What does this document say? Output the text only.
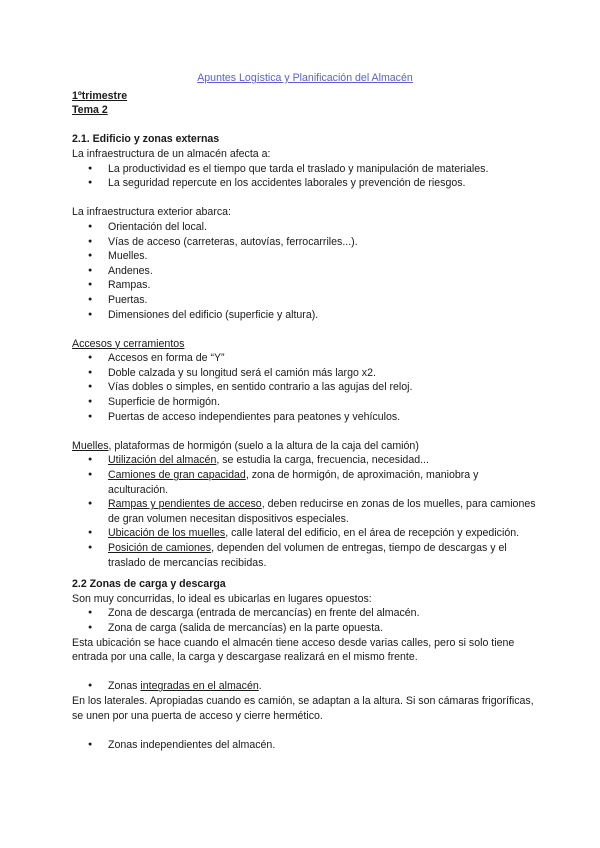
Apuntes Logística y Planificación del Almacén
1ºtrimestre
Tema 2
2.1. Edificio y zonas externas
La infraestructura de un almacén afecta a:
● La productividad es el tiempo que tarda el traslado y manipulación de materiales.
● La seguridad repercute en los accidentes laborales y prevención de riesgos.
La infraestructura exterior abarca:
● Orientación del local.
● Vías de acceso (carreteras, autovías, ferrocarriles...).
● Muelles.
● Andenes.
● Rampas.
● Puertas.
● Dimensiones del edificio (superficie y altura).
Accesos y cerramientos
● Accesos en forma de “Y”
● Doble calzada y su longitud será el camión más largo x2.
● Vías dobles o simples, en sentido contrario a las agujas del reloj.
● Superficie de hormigón.
● Puertas de acceso independientes para peatones y vehículos.
Muelles, plataformas de hormigón (suelo a la altura de la caja del camión)
● Utilización del almacén, se estudia la carga, frecuencia, necesidad...
● Camiones de gran capacidad, zona de hormigón, de aproximación, maniobra y aculturación.
● Rampas y pendientes de acceso, deben reducirse en zonas de los muelles, para camiones de gran volumen necesitan dispositivos especiales.
● Ubicación de los muelles, calle lateral del edificio, en el área de recepción y expedición.
● Posición de camiones, dependen del volumen de entregas, tiempo de descargas y el traslado de mercancías recibidas.
2.2 Zonas de carga y descarga
Son muy concurridas, lo ideal es ubicarlas en lugares opuestos:
● Zona de descarga (entrada de mercancías) en frente del almacén.
● Zona de carga (salida de mercancías) en la parte opuesta.
Esta ubicación se hace cuando el almacén tiene acceso desde varias calles, pero si solo tiene entrada por una calle, la carga y descargase realizará en el mismo frente.
● Zonas integradas en el almacén.
En los laterales. Apropiadas cuando es camión, se adaptan a la altura. Si son cámaras frigoríficas, se unen por una puerta de acceso y cierre hermético.
● Zonas independientes del almacén.
